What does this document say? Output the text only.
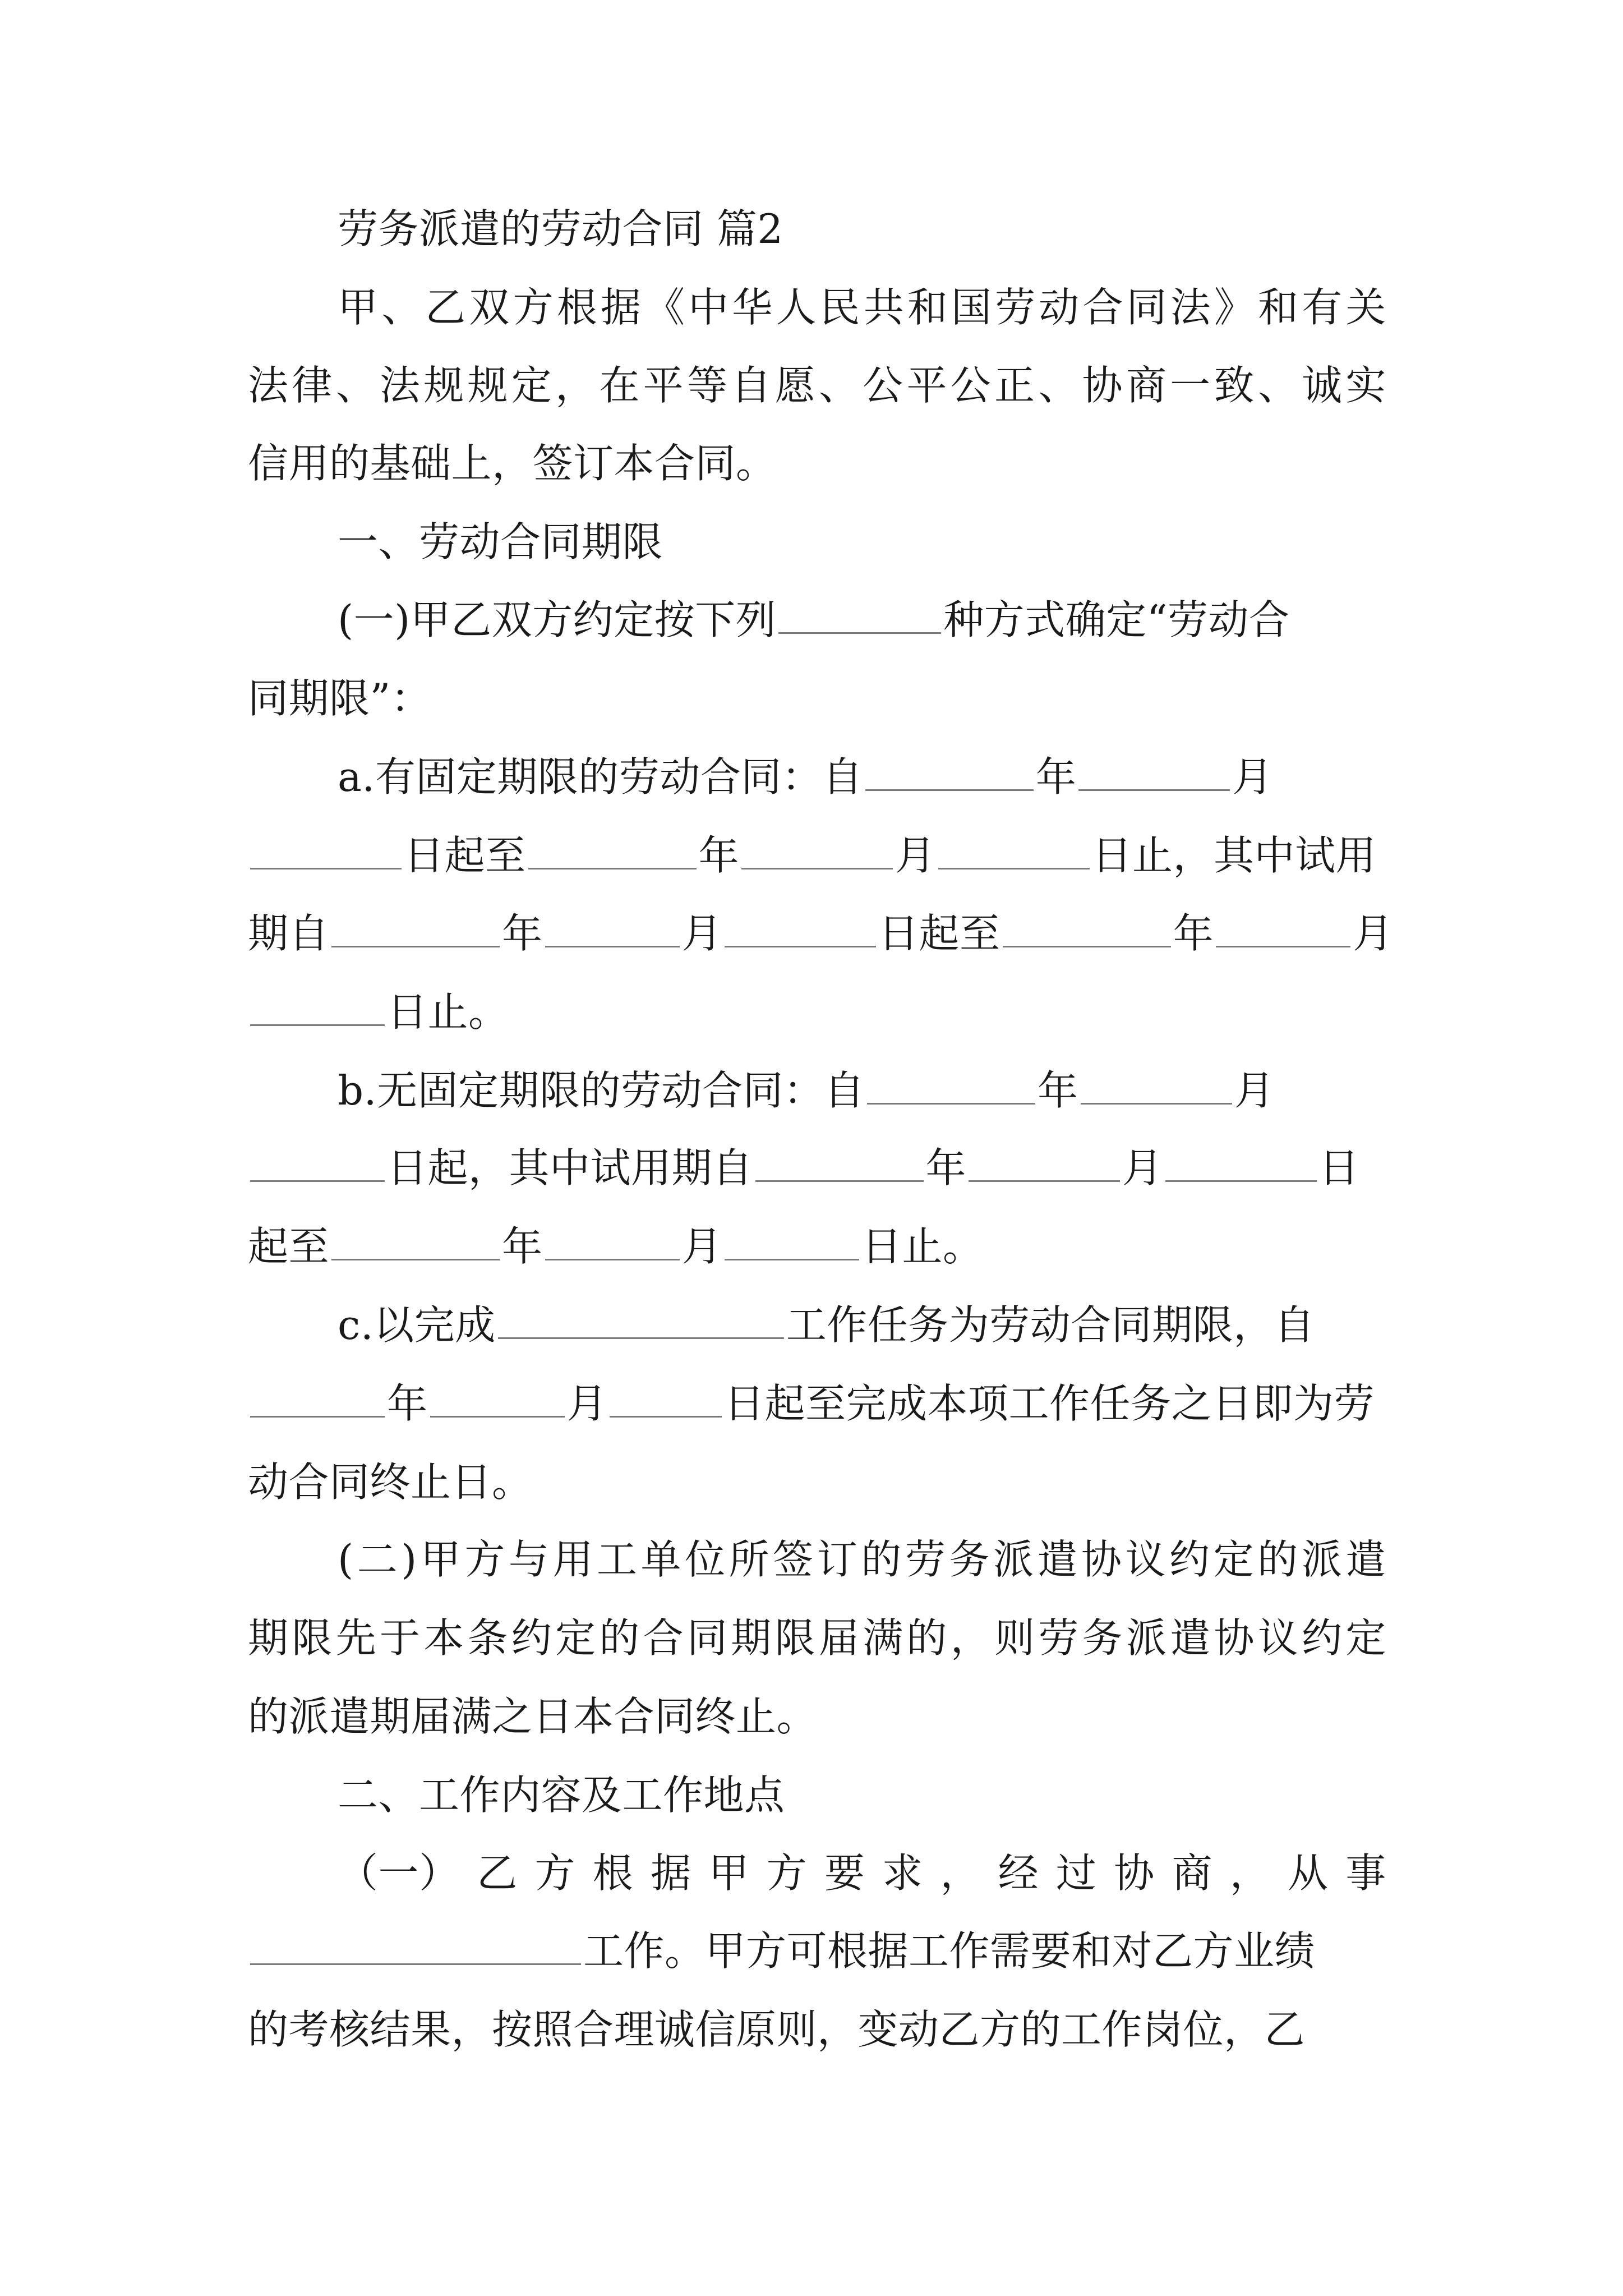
劳务派遣的劳动合同 篇2
甲 、 乙 双 方 根 据 《 中 华 人 民 共 和 国 劳 动 合 同 法 》 和 有 关
法 律 、 法 规 规 定 ， 在 平 等 自 愿 、 公 平 公 正 、 协 商 一 致 、 诚 实
信用的基础上，签订本合同。
一、劳动合同期限
(一)甲乙双方约定按下列	种方式确定“劳动合
同期限”：
a.有固定期限的劳动合同：自	年	月
日起至	年	月	日止，其中试用
期自	年	月	日起至	年	月
日止。
b.无固定期限的劳动合同：自	年	月
日起，其中试用期自	年	月	日
起至	年	月	日止。
c.以完成	工作任务为劳动合同期限，自
年	月	日起至完成本项工作任务之日即为劳
动合同终止日。
( 二 ) 甲 方 与 用 工 单 位 所 签 订 的 劳 务 派 遣 协 议 约 定 的 派 遣
期 限 先 于 本 条 约 定 的 合 同 期 限 届 满 的 ， 则 劳 务 派 遣 协 议 约 定
的派遣期届满之日本合同终止。
二、工作内容及工作地点
（一） 乙 方 根 据 甲 方 要 求 ， 经 过 协 商 ， 从 事
工作。甲方可根据工作需要和对乙方业绩
的考核结果，按照合理诚信原则，变动乙方的工作岗位，乙
